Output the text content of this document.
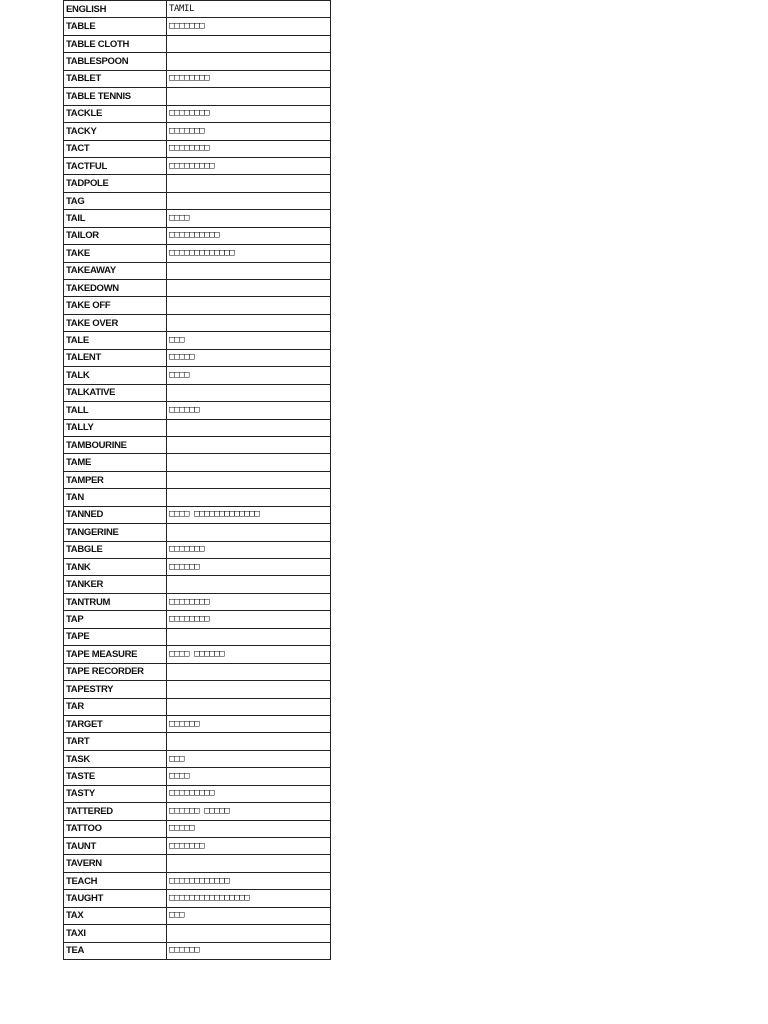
ENGLISH	TAMIL
TABLE	□□□□□□□
TABLE CLOTH	
TABLESPOON	
TABLET	□□□□□□□□
TABLE TENNIS	
TACKLE	□□□□□□□□
TACKY	□□□□□□□
TACT	□□□□□□□□
TACTFUL	□□□□□□□□□
TADPOLE	
TAG	
TAIL	□□□□
TAILOR	□□□□□□□□□□
TAKE	□□□□□□□□□□□□□
TAKEAWAY	
TAKEDOWN	
TAKE OFF	
TAKE OVER	
TALE	□□□
TALENT	□□□□□
TALK	□□□□
TALKATIVE	
TALL	□□□□□□
TALLY	
TAMBOURINE	
TAME	
TAMPER	
TAN	
TANNED	□□□□ □□□□□□□□□□□□□
TANGERINE	
TABGLE	□□□□□□□
TANK	□□□□□□
TANKER	
TANTRUM	□□□□□□□□
TAP	□□□□□□□□
TAPE	
TAPE MEASURE	□□□□ □□□□□□
TAPE RECORDER	
TAPESTRY	
TAR	
TARGET	□□□□□□
TART	
TASK	□□□
TASTE	□□□□
TASTY	□□□□□□□□□
TATTERED	□□□□□□ □□□□□
TATTOO	□□□□□
TAUNT	□□□□□□□
TAVERN	
TEACH	□□□□□□□□□□□□
TAUGHT	□□□□□□□□□□□□□□□□
TAX	□□□
TAXI	
TEA	□□□□□□
